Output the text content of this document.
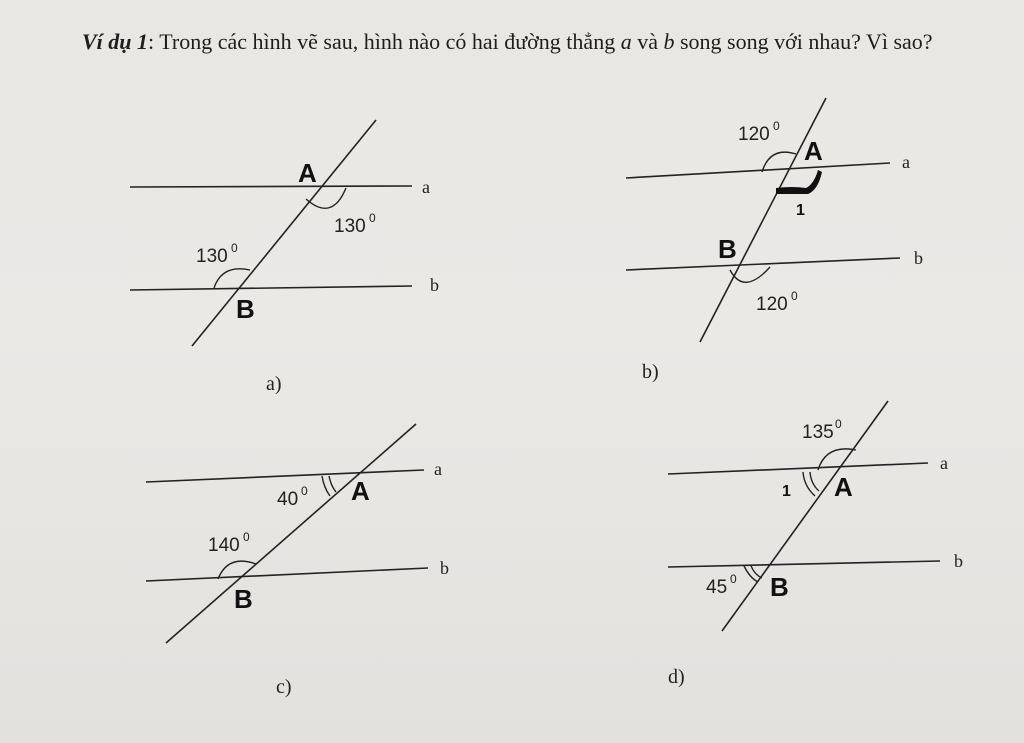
Ví dụ 1: Trong các hình vẽ sau, hình nào có hai đường thẳng a và b song song với nhau? Vì sao?

A
B
a
b
130 0
130 0
a)
A
B
a
b
120 0
120 0
1
b)
A
B
a
b
40 0
140 0
c)
A
B
a
b
135 0
1
45 0
d)
